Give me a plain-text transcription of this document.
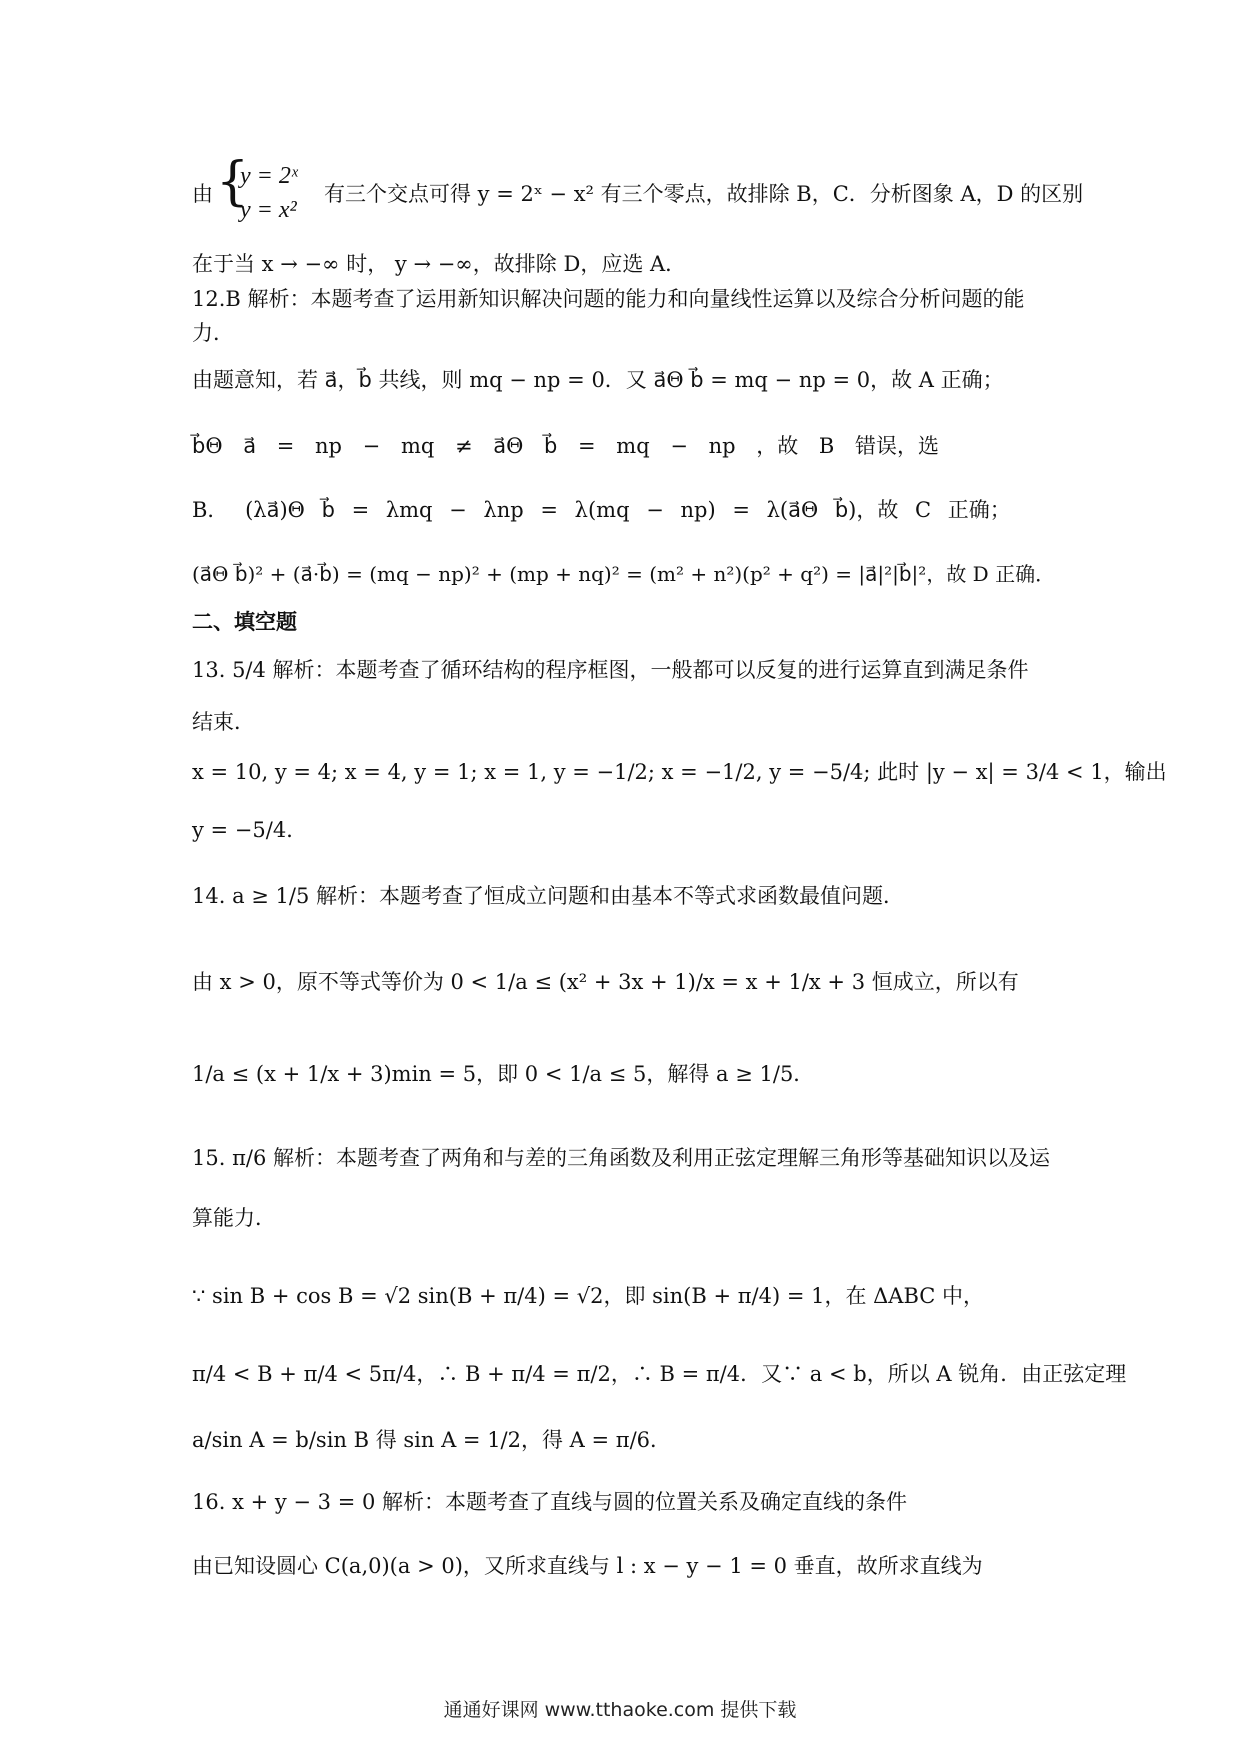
由 {
y = 2ˣ
y = x²
有三个交点可得 y = 2ˣ − x² 有三个零点，故排除 B，C．分析图象 A，D 的区别
在于当 x → −∞ 时， y → −∞，故排除 D，应选 A．
12.B 解析：本题考查了运用新知识解决问题的能力和向量线性运算以及综合分析问题的能力．
由题意知，若 a⃗，b⃗ 共线，则 mq − np = 0．又 a⃗Θ b⃗ = mq − np = 0，故 A 正确；
b⃗Θ a⃗ = np − mq ≠ a⃗Θ b⃗ = mq − np ，故 B 错误，选
B． (λa⃗)Θ b⃗ = λmq − λnp = λ(mq − np) = λ(a⃗Θ b⃗)，故 C 正确；
(a⃗Θ b⃗)² + (a⃗·b⃗) = (mq − np)² + (mp + nq)² = (m² + n²)(p² + q²) = |a⃗|²|b⃗|²，故 D 正确．
二、填空题
13. 5/4 解析：本题考查了循环结构的程序框图，一般都可以反复的进行运算直到满足条件
结束．
x = 10, y = 4; x = 4, y = 1; x = 1, y = −1/2; x = −1/2, y = −5/4; 此时 |y − x| = 3/4 < 1，输出
y = −5/4．
14. a ≥ 1/5 解析：本题考查了恒成立问题和由基本不等式求函数最值问题．
由 x > 0，原不等式等价为 0 < 1/a ≤ (x² + 3x + 1)/x = x + 1/x + 3 恒成立，所以有
1/a ≤ (x + 1/x + 3)min = 5，即 0 < 1/a ≤ 5，解得 a ≥ 1/5．
15. π/6 解析：本题考查了两角和与差的三角函数及利用正弦定理解三角形等基础知识以及运
算能力．
∵ sin B + cos B = √2 sin(B + π/4) = √2，即 sin(B + π/4) = 1，在 ΔABC 中，
π/4 < B + π/4 < 5π/4，∴ B + π/4 = π/2，∴ B = π/4．又∵ a < b，所以 A 锐角．由正弦定理
a/sin A = b/sin B 得 sin A = 1/2，得 A = π/6．
16. x + y − 3 = 0 解析：本题考查了直线与圆的位置关系及确定直线的条件
由已知设圆心 C(a,0)(a > 0)，又所求直线与 l : x − y − 1 = 0 垂直，故所求直线为
通通好课网 www.tthaoke.com 提供下载
